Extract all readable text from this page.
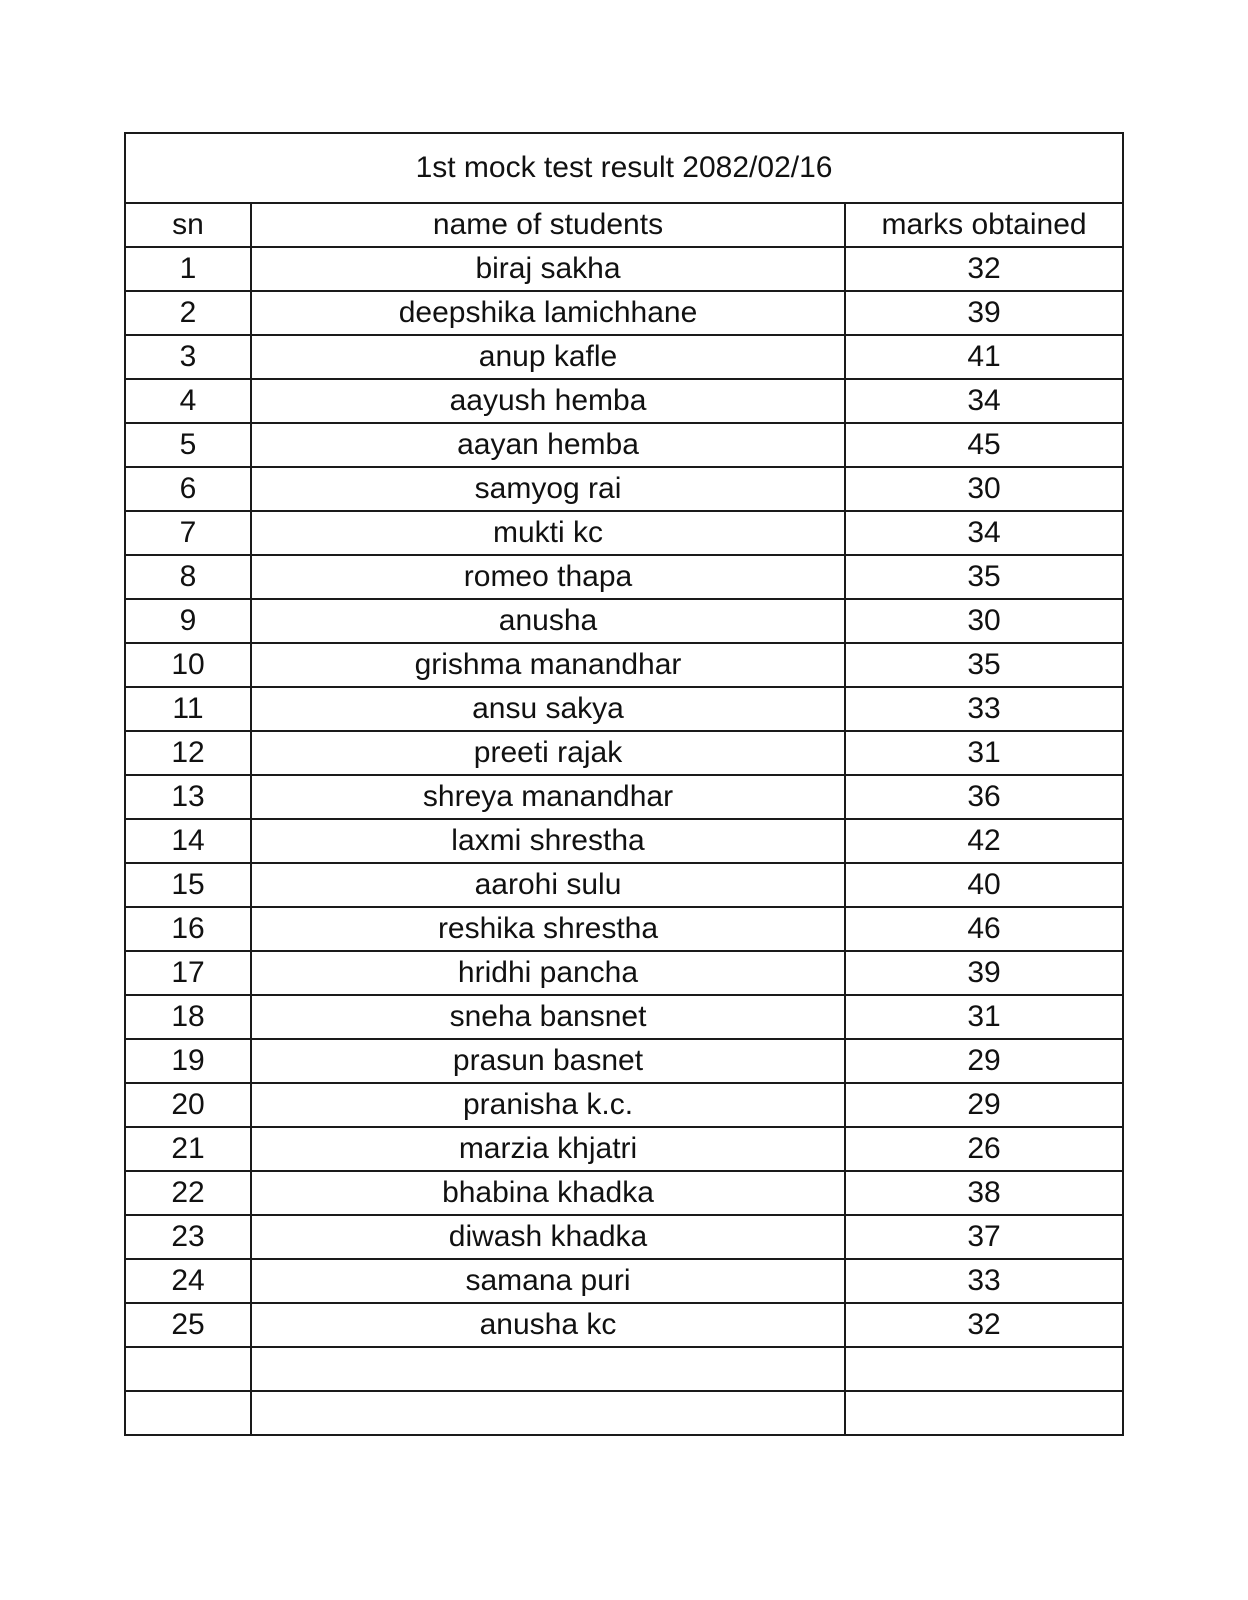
1st mock test result 2082/02/16		
sn	name of students	marks obtained
1	biraj sakha	32
2	deepshika lamichhane	39
3	anup kafle	41
4	aayush hemba	34
5	aayan hemba	45
6	samyog rai	30
7	mukti kc	34
8	romeo thapa	35
9	anusha	30
10	grishma manandhar	35
11	ansu sakya	33
12	preeti rajak	31
13	shreya manandhar	36
14	laxmi shrestha	42
15	aarohi sulu	40
16	reshika shrestha	46
17	hridhi pancha	39
18	sneha bansnet	31
19	prasun basnet	29
20	pranisha k.c.	29
21	marzia khjatri	26
22	bhabina khadka	38
23	diwash khadka	37
24	samana puri	33
25	anusha kc	32
